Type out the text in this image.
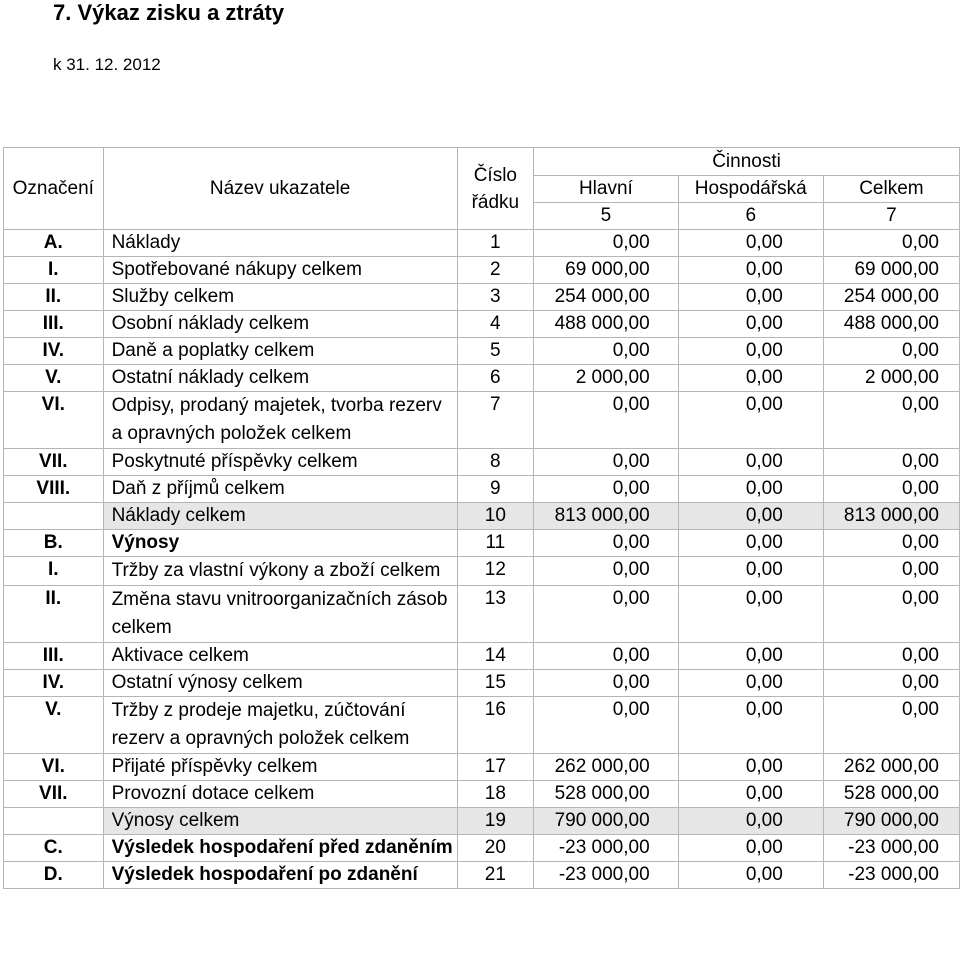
7. Výkaz zisku a ztráty
k 31. 12. 2012
Označení	Název ukazatele	Číslo řádku	Činnosti		
			Hlavní	Hospodářská	Celkem
			5	6	7
A.	Náklady	1	0,00	0,00	0,00
I.	Spotřebované nákupy celkem	2	69 000,00	0,00	69 000,00
II.	Služby celkem	3	254 000,00	0,00	254 000,00
III.	Osobní náklady celkem	4	488 000,00	0,00	488 000,00
IV.	Daně a poplatky celkem	5	0,00	0,00	0,00
V.	Ostatní náklady celkem	6	2 000,00	0,00	2 000,00
VI.	Odpisy, prodaný majetek, tvorba rezerv a opravných položek celkem	7	0,00	0,00	0,00
VII.	Poskytnuté příspěvky celkem	8	0,00	0,00	0,00
VIII.	Daň z příjmů celkem	9	0,00	0,00	0,00
	Náklady celkem	10	813 000,00	0,00	813 000,00
B.	Výnosy	11	0,00	0,00	0,00
I.	Tržby za vlastní výkony a zboží celkem	12	0,00	0,00	0,00
II.	Změna stavu vnitroorganizačních zásob celkem	13	0,00	0,00	0,00
III.	Aktivace celkem	14	0,00	0,00	0,00
IV.	Ostatní výnosy celkem	15	0,00	0,00	0,00
V.	Tržby z prodeje majetku, zúčtování rezerv a opravných položek celkem	16	0,00	0,00	0,00
VI.	Přijaté příspěvky celkem	17	262 000,00	0,00	262 000,00
VII.	Provozní dotace celkem	18	528 000,00	0,00	528 000,00
	Výnosy celkem	19	790 000,00	0,00	790 000,00
C.	Výsledek hospodaření před zdaněním	20	-23 000,00	0,00	-23 000,00
D.	Výsledek hospodaření po zdanění	21	-23 000,00	0,00	-23 000,00
